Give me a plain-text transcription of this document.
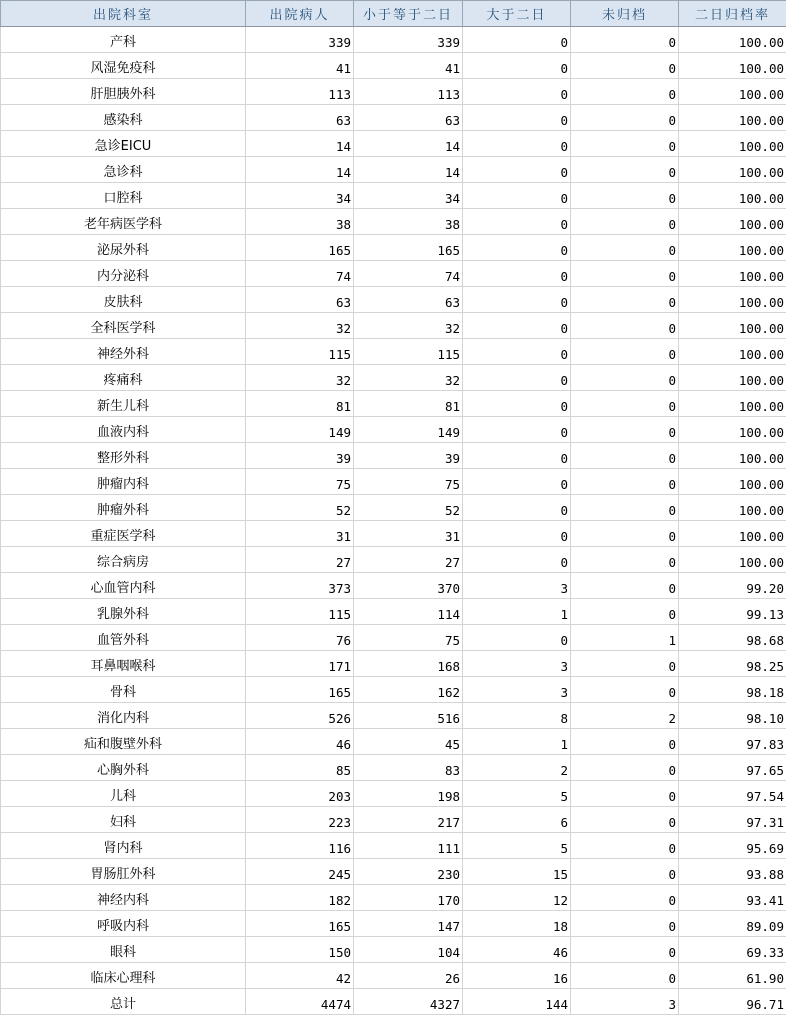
出院科室	出院病人	小于等于二日	大于二日	未归档	二日归档率
产科	339	339	0	0	100.00
风湿免疫科	41	41	0	0	100.00
肝胆胰外科	113	113	0	0	100.00
感染科	63	63	0	0	100.00
急诊EICU	14	14	0	0	100.00
急诊科	14	14	0	0	100.00
口腔科	34	34	0	0	100.00
老年病医学科	38	38	0	0	100.00
泌尿外科	165	165	0	0	100.00
内分泌科	74	74	0	0	100.00
皮肤科	63	63	0	0	100.00
全科医学科	32	32	0	0	100.00
神经外科	115	115	0	0	100.00
疼痛科	32	32	0	0	100.00
新生儿科	81	81	0	0	100.00
血液内科	149	149	0	0	100.00
整形外科	39	39	0	0	100.00
肿瘤内科	75	75	0	0	100.00
肿瘤外科	52	52	0	0	100.00
重症医学科	31	31	0	0	100.00
综合病房	27	27	0	0	100.00
心血管内科	373	370	3	0	99.20
乳腺外科	115	114	1	0	99.13
血管外科	76	75	0	1	98.68
耳鼻咽喉科	171	168	3	0	98.25
骨科	165	162	3	0	98.18
消化内科	526	516	8	2	98.10
疝和腹壁外科	46	45	1	0	97.83
心胸外科	85	83	2	0	97.65
儿科	203	198	5	0	97.54
妇科	223	217	6	0	97.31
肾内科	116	111	5	0	95.69
胃肠肛外科	245	230	15	0	93.88
神经内科	182	170	12	0	93.41
呼吸内科	165	147	18	0	89.09
眼科	150	104	46	0	69.33
临床心理科	42	26	16	0	61.90
总计	4474	4327	144	3	96.71
